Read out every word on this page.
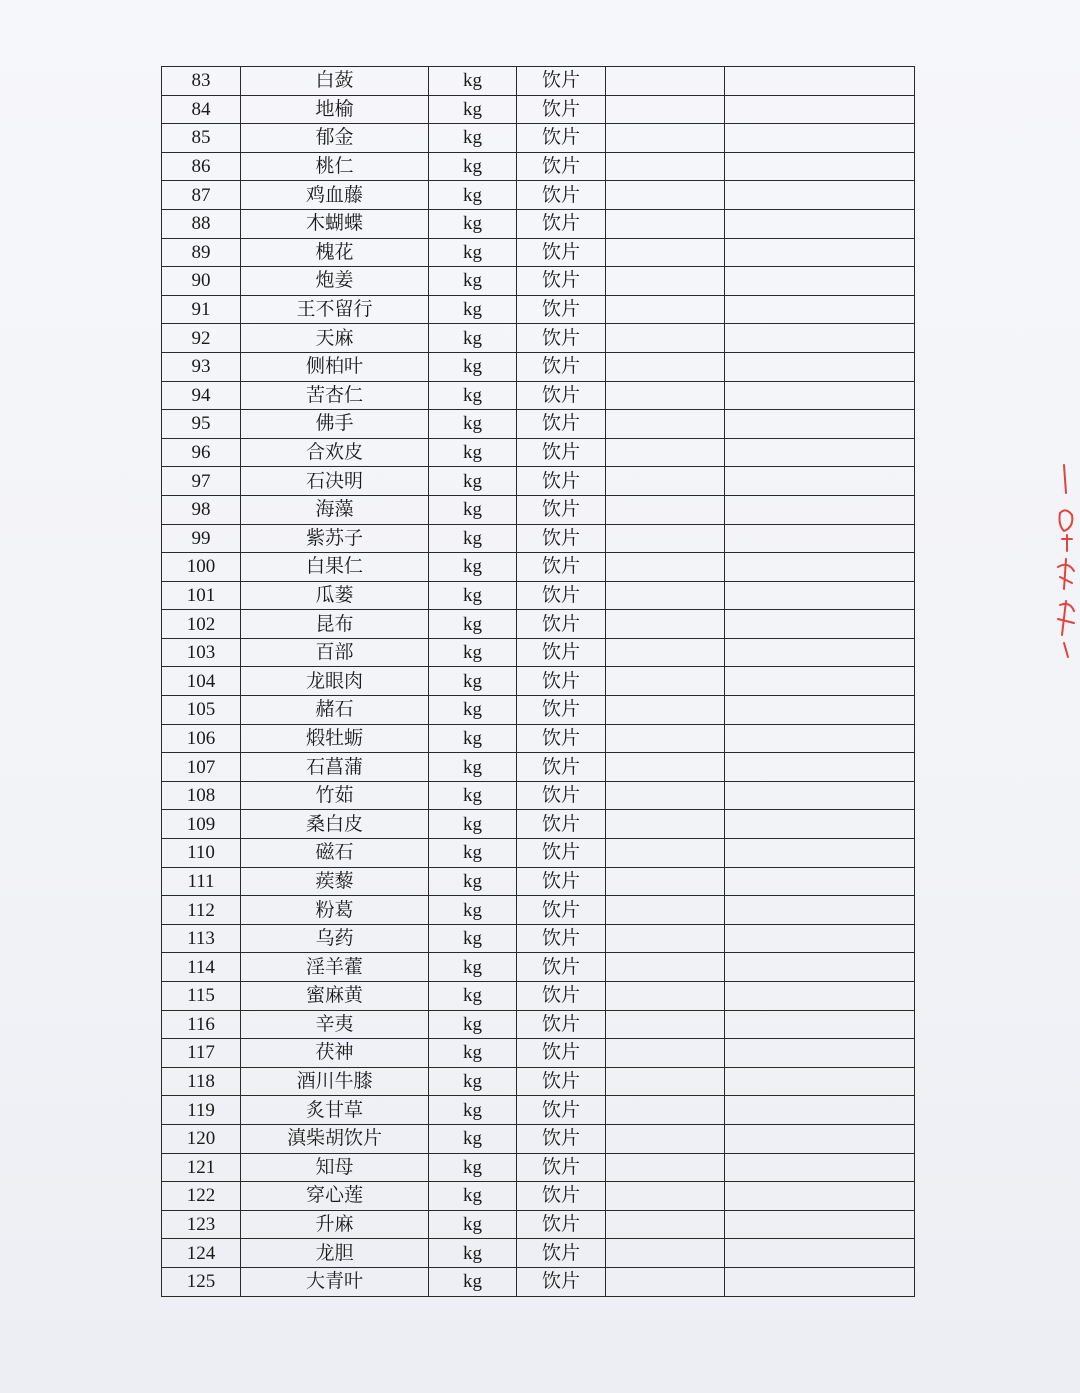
83	白蔹	kg	饮片		
84	地榆	kg	饮片		
85	郁金	kg	饮片		
86	桃仁	kg	饮片		
87	鸡血藤	kg	饮片		
88	木蝴蝶	kg	饮片		
89	槐花	kg	饮片		
90	炮姜	kg	饮片		
91	王不留行	kg	饮片		
92	天麻	kg	饮片		
93	侧柏叶	kg	饮片		
94	苦杏仁	kg	饮片		
95	佛手	kg	饮片		
96	合欢皮	kg	饮片		
97	石决明	kg	饮片		
98	海藻	kg	饮片		
99	紫苏子	kg	饮片		
100	白果仁	kg	饮片		
101	瓜蒌	kg	饮片		
102	昆布	kg	饮片		
103	百部	kg	饮片		
104	龙眼肉	kg	饮片		
105	赭石	kg	饮片		
106	煅牡蛎	kg	饮片		
107	石菖蒲	kg	饮片		
108	竹茹	kg	饮片		
109	桑白皮	kg	饮片		
110	磁石	kg	饮片		
111	蒺藜	kg	饮片		
112	粉葛	kg	饮片		
113	乌药	kg	饮片		
114	淫羊藿	kg	饮片		
115	蜜麻黄	kg	饮片		
116	辛夷	kg	饮片		
117	茯神	kg	饮片		
118	酒川牛膝	kg	饮片		
119	炙甘草	kg	饮片		
120	滇柴胡饮片	kg	饮片		
121	知母	kg	饮片		
122	穿心莲	kg	饮片		
123	升麻	kg	饮片		
124	龙胆	kg	饮片		
125	大青叶	kg	饮片		
